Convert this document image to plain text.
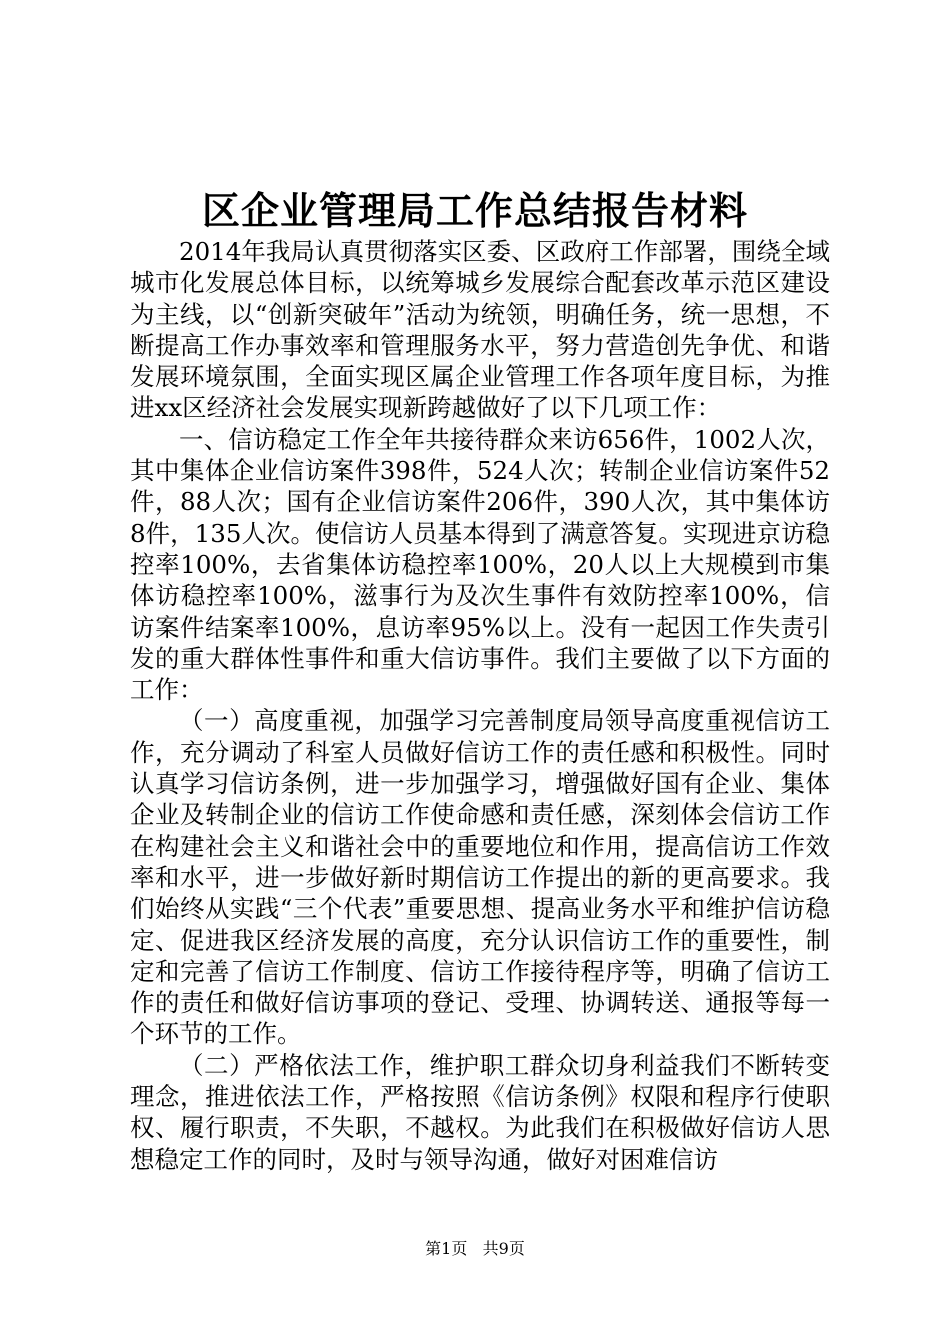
区企业管理局工作总结报告材料

2014年我局认真贯彻落实区委、区政府工作部署，围绕全域城市化发展总体目标，以统筹城乡发展综合配套改革示范区建设为主线，以“创新突破年”活动为统领，明确任务，统一思想，不断提高工作办事效率和管理服务水平，努力营造创先争优、和谐发展环境氛围，全面实现区属企业管理工作各项年度目标，为推进xx区经济社会发展实现新跨越做好了以下几项工作：

一、信访稳定工作全年共接待群众来访656件，1002人次，其中集体企业信访案件398件，524人次；转制企业信访案件52件，88人次；国有企业信访案件206件，390人次，其中集体访8件，135人次。使信访人员基本得到了满意答复。实现进京访稳控率100%，去省集体访稳控率100%，20人以上大规模到市集体访稳控率100%，滋事行为及次生事件有效防控率100%，信访案件结案率100%，息访率95%以上。没有一起因工作失责引发的重大群体性事件和重大信访事件。我们主要做了以下方面的工作：

（一）高度重视，加强学习完善制度局领导高度重视信访工作，充分调动了科室人员做好信访工作的责任感和积极性。同时认真学习信访条例，进一步加强学习，增强做好国有企业、集体企业及转制企业的信访工作使命感和责任感，深刻体会信访工作在构建社会主义和谐社会中的重要地位和作用，提高信访工作效率和水平，进一步做好新时期信访工作提出的新的更高要求。我们始终从实践“三个代表”重要思想、提高业务水平和维护信访稳定、促进我区经济发展的高度，充分认识信访工作的重要性，制定和完善了信访工作制度、信访工作接待程序等，明确了信访工作的责任和做好信访事项的登记、受理、协调转送、通报等每一个环节的工作。

（二）严格依法工作，维护职工群众切身利益我们不断转变理念，推进依法工作，严格按照《信访条例》权限和程序行使职权、履行职责，不失职，不越权。为此我们在积极做好信访人思想稳定工作的同时，及时与领导沟通，做好对困难信访

第1页 共9页
